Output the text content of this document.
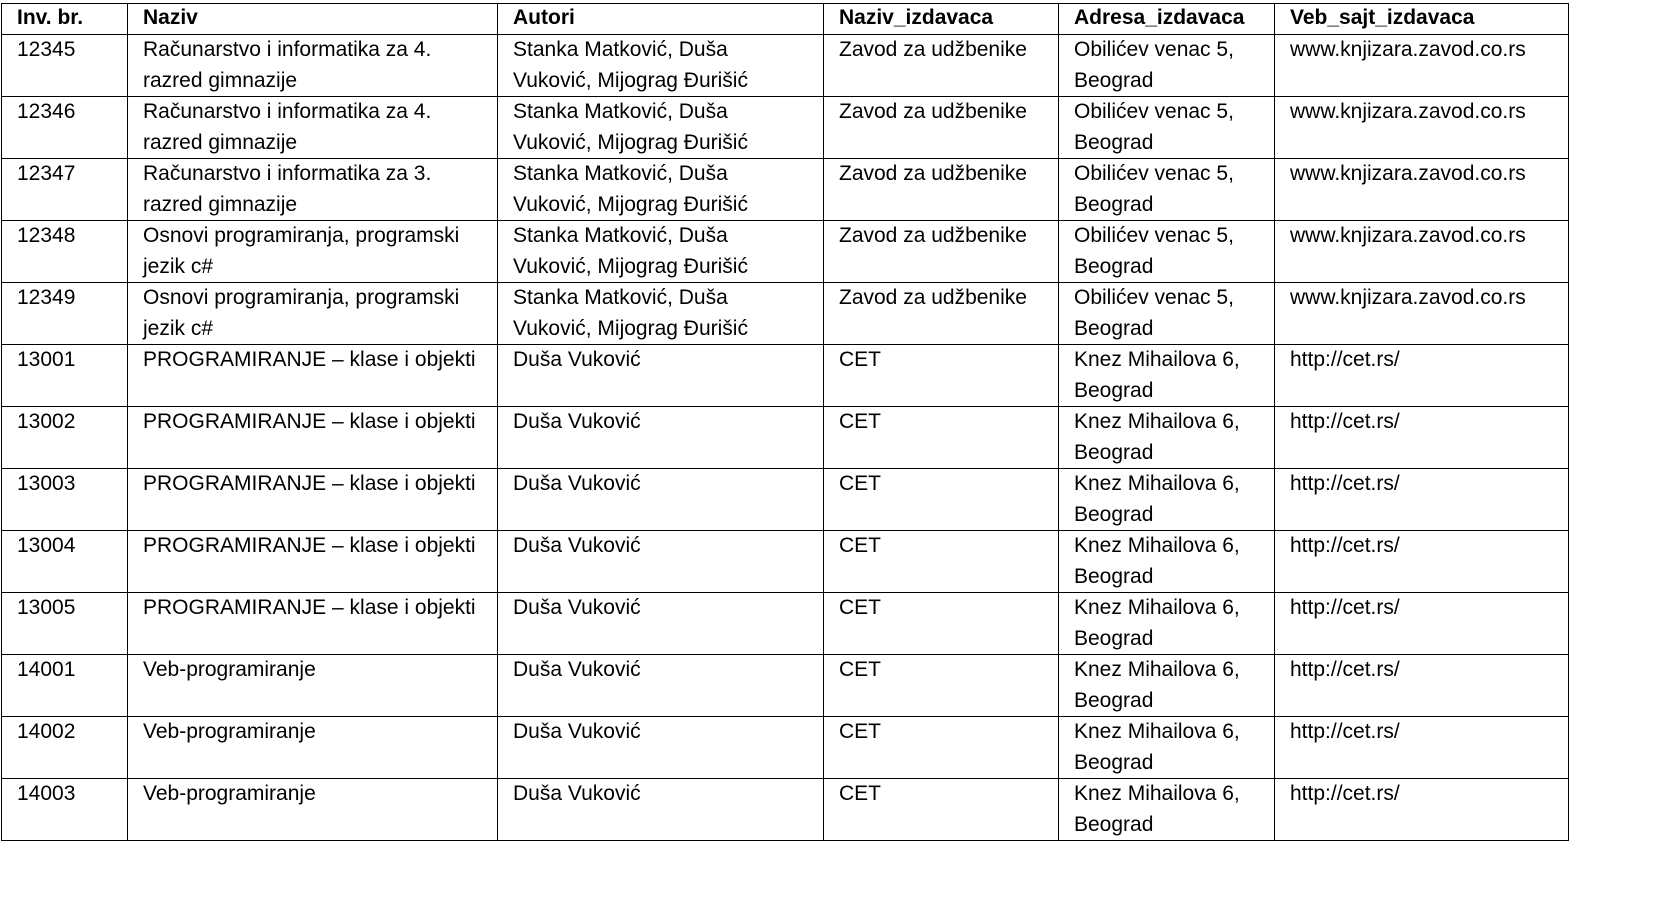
Inv. br.	Naziv	Autori	Naziv_izdavaca	Adresa_izdavaca	Veb_sajt_izdavaca
12345	Računarstvo i informatika za 4. razred gimnazije	Stanka Matković, Duša Vuković, Mijograg Đurišić	Zavod za udžbenike	Obilićev venac 5, Beograd	www.knjizara.zavod.co.rs
12346	Računarstvo i informatika za 4. razred gimnazije	Stanka Matković, Duša Vuković, Mijograg Đurišić	Zavod za udžbenike	Obilićev venac 5, Beograd	www.knjizara.zavod.co.rs
12347	Računarstvo i informatika za 3. razred gimnazije	Stanka Matković, Duša Vuković, Mijograg Đurišić	Zavod za udžbenike	Obilićev venac 5, Beograd	www.knjizara.zavod.co.rs
12348	Osnovi programiranja, programski jezik c#	Stanka Matković, Duša Vuković, Mijograg Đurišić	Zavod za udžbenike	Obilićev venac 5, Beograd	www.knjizara.zavod.co.rs
12349	Osnovi programiranja, programski jezik c#	Stanka Matković, Duša Vuković, Mijograg Đurišić	Zavod za udžbenike	Obilićev venac 5, Beograd	www.knjizara.zavod.co.rs
13001	PROGRAMIRANJE – klase i objekti	Duša Vuković	CET	Knez Mihailova 6, Beograd	http://cet.rs/
13002	PROGRAMIRANJE – klase i objekti	Duša Vuković	CET	Knez Mihailova 6, Beograd	http://cet.rs/
13003	PROGRAMIRANJE – klase i objekti	Duša Vuković	CET	Knez Mihailova 6, Beograd	http://cet.rs/
13004	PROGRAMIRANJE – klase i objekti	Duša Vuković	CET	Knez Mihailova 6, Beograd	http://cet.rs/
13005	PROGRAMIRANJE – klase i objekti	Duša Vuković	CET	Knez Mihailova 6, Beograd	http://cet.rs/
14001	Veb-programiranje	Duša Vuković	CET	Knez Mihailova 6, Beograd	http://cet.rs/
14002	Veb-programiranje	Duša Vuković	CET	Knez Mihailova 6, Beograd	http://cet.rs/
14003	Veb-programiranje	Duša Vuković	CET	Knez Mihailova 6, Beograd	http://cet.rs/
